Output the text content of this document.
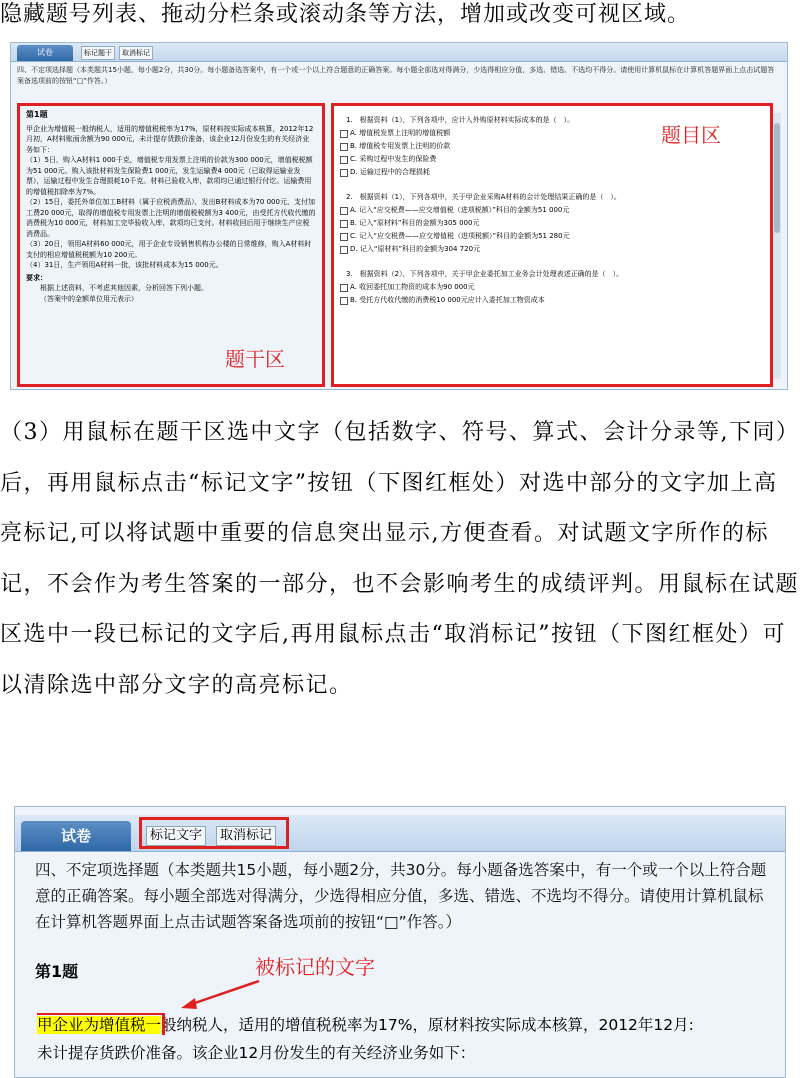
隐藏题号列表、拖动分栏条或滚动条等方法，增加或改变可视区域。
试卷	标记题干	取消标记
四、不定项选择题（本类题共15小题，每小题2分，共30分。每小题备选答案中，有一个或一个以上符合题意的正确答案。每小题全部选对得满分，少选得相应分值，多选、错选、不选均不得分。请使用计算机鼠标在计算机答题界面上点击试题答案备选项前的按钮“□”作答。）
第1题
甲企业为增值税一般纳税人，适用的增值税税率为17%，原材料按实际成本核算，2012年12月初，A材料账面余额为90 000元，未计提存货跌价准备，该企业12月份发生的有关经济业务如下：
（1）5日，购入A材料1 000千克，增值税专用发票上注明的价款为300 000元，增值税税额为51 000元。购入该批材料发生保险费1 000元，发生运输费4 000元（已取得运输业发票），运输过程中发生合理损耗10千克。材料已验收入库，款项均已通过银行付讫。运输费用的增值税扣除率为7%。
（2）15日，委托外单位加工B材料（属于应税消费品），发出B材料成本为70 000元，支付加工费20 000元，取得的增值税专用发票上注明的增值税税额为3 400元，由受托方代收代缴的消费税为10 000元，材料加工完毕验收入库，款项均已支付。材料收回后用于继续生产应税消费品。
（3）20日，领用A材料60 000元，用于企业专设销售机构办公楼的日常维修，购入A材料时支付的相应增值税税额为10 200元。
（4）31日，生产领用A材料一批，该批材料成本为15 000元。
要求：
根据上述资料，不考虑其他因素，分析回答下列小题。
（答案中的金额单位用元表示）
题干区
1.　根据资料（1），下列各项中，应计入外购原材料实际成本的是（　）。
A. 增值税发票上注明的增值税额
B. 增值税专用发票上注明的价款
C. 采购过程中发生的保险费
D. 运输过程中的合理损耗
2.　根据资料（1），下列各项中，关于甲企业采购A材料的会计处理结果正确的是（　）。
A. 记入“应交税费——应交增值税（进项税额）”科目的金额为51 000元
B. 记入“原材料”科目的金额为305 000元
C. 记入“应交税费——应交增值税（进项税额）”科目的金额为51 280元
D. 记入“原材料”科目的金额为304 720元
3.　根据资料（2），下列各项中，关于甲企业委托加工业务会计处理表述正确的是（　）。
A. 收回委托加工物资的成本为90 000元
B. 受托方代收代缴的消费税10 000元应计入委托加工物资成本
题目区
（3）用鼠标在题干区选中文字（包括数字、符号、算式、会计分录等,下同）后，再用鼠标点击“标记文字”按钮（下图红框处）对选中部分的文字加上高亮标记,可以将试题中重要的信息突出显示,方便查看。对试题文字所作的标记，不会作为考生答案的一部分，也不会影响考生的成绩评判。用鼠标在试题区选中一段已标记的文字后,再用鼠标点击“取消标记”按钮（下图红框处）可以清除选中部分文字的高亮标记。
试卷	标记文字	取消标记
四、不定项选择题（本类题共15小题，每小题2分，共30分。每小题备选答案中，有一个或一个以上符合题意的正确答案。每小题全部选对得满分，少选得相应分值，多选、错选、不选均不得分。请使用计算机鼠标在计算机答题界面上点击试题答案备选项前的按钮“□”作答。）
第1题	被标记的文字
甲企业为增值税一般纳税人，适用的增值税税率为17%，原材料按实际成本核算，2012年12月:
未计提存货跌价准备。该企业12月份发生的有关经济业务如下：
